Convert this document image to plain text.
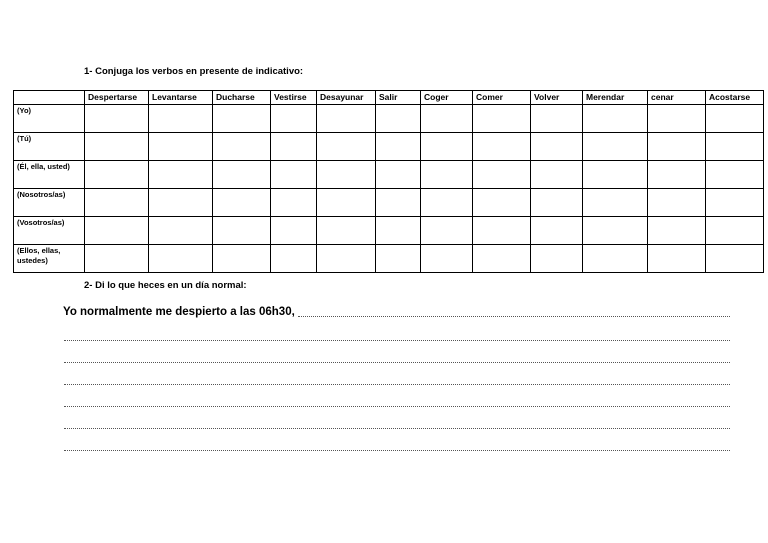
1- Conjuga los verbos en presente de indicativo:
	Despertarse	Levantarse	Ducharse	Vestirse	Desayunar	Salir	Coger	Comer	Volver	Merendar	cenar	Acostarse
(Yo)												
(Tú)												
(Él, ella, usted)												
(Nosotros/as)												
(Vosotros/as)												
(Ellos, ellas, ustedes)												
2- Di lo que heces en un día normal:
Yo normalmente me despierto a las 06h30,
